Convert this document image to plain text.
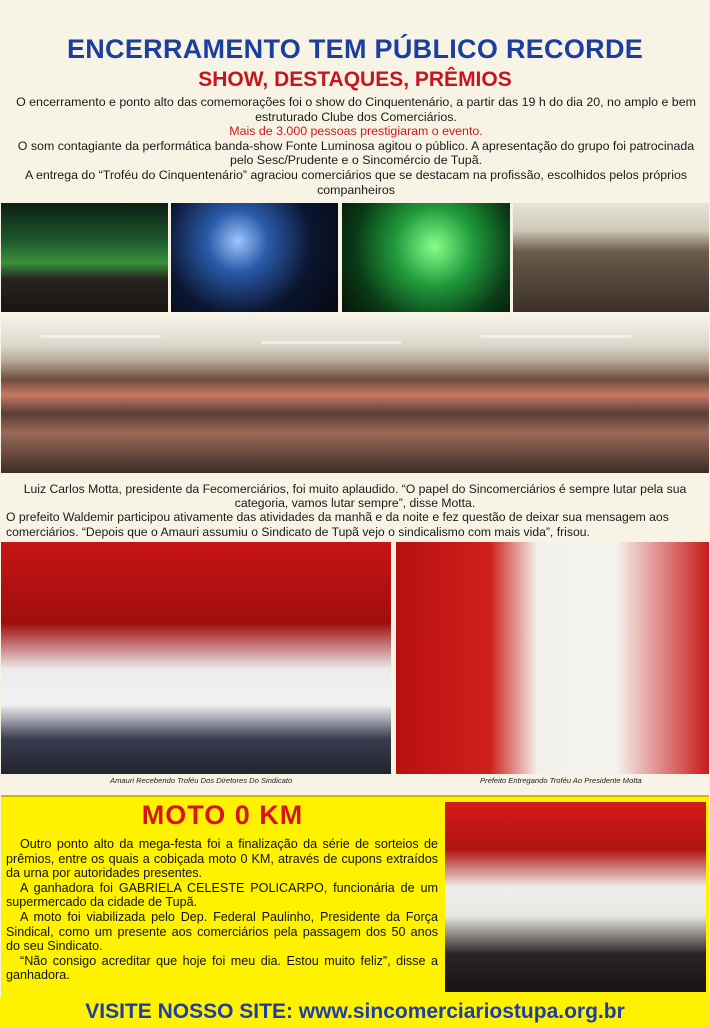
ENCERRAMENTO TEM PÚBLICO RECORDE
SHOW, DESTAQUES, PRÊMIOS

O encerramento e ponto alto das comemorações foi o show do Cinquentenário, a partir das 19 h do dia 20, no amplo e bem estruturado Clube dos Comerciários.

Mais de 3.000 pessoas prestigiaram o evento.

O som contagiante da performática banda-show Fonte Luminosa agitou o público. A apresentação do grupo foi patrocinada pelo Sesc/Prudente e o Sincomércio de Tupã.

A entrega do “Troféu do Cinquentenário” agraciou comerciários que se destacam na profissão, escolhidos pelos próprios companheiros

Luiz Carlos Motta, presidente da Fecomerciários, foi muito aplaudido. “O papel do Sincomerciários é sempre lutar pela sua categoria, vamos lutar sempre”, disse Motta.

O prefeito Waldemir participou ativamente das atividades da manhã e da noite e fez questão de deixar sua mensagem aos comerciários. “Depois que o Amauri assumiu o Sindicato de Tupã vejo o sindicalismo com mais vida”, frisou.

Amauri Recebendo Troféu Dos Diretores Do Sindicato	Prefeito Entregando Troféu Ao Presidente Motta
MOTO 0 KM

Outro ponto alto da mega-festa foi a finalização da série de sorteios de prêmios, entre os quais a cobiçada moto 0 KM, através de cupons extraídos da urna por autoridades presentes.

A ganhadora foi GABRIELA CELESTE POLICARPO, funcionária de um supermercado da cidade de Tupã.

A moto foi viabilizada pelo Dep. Federal Paulinho, Presidente da Força Sindical, como um presente aos comerciários pela passagem dos 50 anos do seu Sindicato.

“Não consigo acreditar que hoje foi meu dia. Estou muito feliz”, disse a ganhadora.

VISITE NOSSO SITE: www.sincomerciariostupa.org.br
